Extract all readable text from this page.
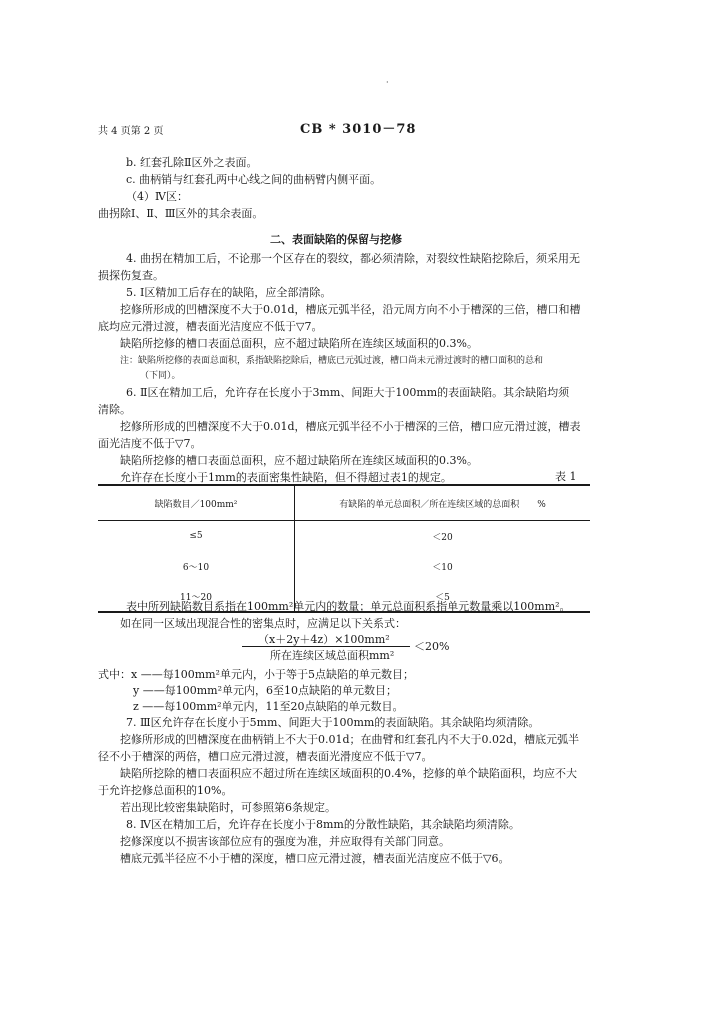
·
共 4 页第 2 页	CB * 3010－78
b. 红套孔除Ⅱ区外之表面。
c. 曲柄销与红套孔两中心线之间的曲柄臂内侧平面。
（4）Ⅳ区：
曲拐除Ⅰ、Ⅱ、Ⅲ区外的其余表面。
二、表面缺陷的保留与挖修
4. 曲拐在精加工后，不论那一个区存在的裂纹，都必须清除，对裂纹性缺陷挖除后，须采用无
损探伤复查。
5. Ⅰ区精加工后存在的缺陷，应全部清除。
挖修所形成的凹槽深度不大于0.01d，槽底元弧半径，沿元周方向不小于槽深的三倍，槽口和槽
底均应元滑过渡，槽表面光洁度应不低于▽7。
缺陷所挖修的槽口表面总面积，应不超过缺陷所在连续区域面积的0.3%。
注：缺陷所挖修的表面总面积，系指缺陷挖除后，槽底已元弧过渡，槽口尚未元滑过渡时的槽口面积的总和
（下同）。
6. Ⅱ区在精加工后，允许存在长度小于3mm、间距大于100mm的表面缺陷。其余缺陷均须
清除。
挖修所形成的凹槽深度不大于0.01d，槽底元弧半径不小于槽深的三倍，槽口应元滑过渡，槽表
面光洁度不低于▽7。
缺陷所挖修的槽口表面总面积，应不超过缺陷所在连续区域面积的0.3%。
允许存在长度小于1mm的表面密集性缺陷，但不得超过表1的规定。	表 1
缺陷数目／100mm²	有缺陷的单元总面积／所在连续区域的总面积　　%
≤5	＜20
6～10	＜10
11～20	＜5
表中所列缺陷数目系指在100mm²单元内的数量；单元总面积系指单元数量乘以100mm²。
如在同一区域出现混合性的密集点时，应满足以下关系式：
（x＋2y＋4z）×100mm²
所在连续区域总面积mm²
＜20%
式中：x ——每100mm²单元内，小于等于5点缺陷的单元数目；
y ——每100mm²单元内，6至10点缺陷的单元数目；
z ——每100mm²单元内，11至20点缺陷的单元数目。
7. Ⅲ区允许存在长度小于5mm、间距大于100mm的表面缺陷。其余缺陷均须清除。
挖修所形成的凹槽深度在曲柄销上不大于0.01d；在曲臂和红套孔内不大于0.02d，槽底元弧半
径不小于槽深的两倍，槽口应元滑过渡，槽表面光滑度应不低于▽7。
缺陷所挖除的槽口表面积应不超过所在连续区域面积的0.4%，挖修的单个缺陷面积，均应不大
于允许挖修总面积的10%。
若出现比较密集缺陷时，可参照第6条规定。
8. Ⅳ区在精加工后，允许存在长度小于8mm的分散性缺陷，其余缺陷均须清除。
挖修深度以不损害该部位应有的强度为准，并应取得有关部门同意。
槽底元弧半径应不小于槽的深度，槽口应元滑过渡，槽表面光洁度应不低于▽6。
